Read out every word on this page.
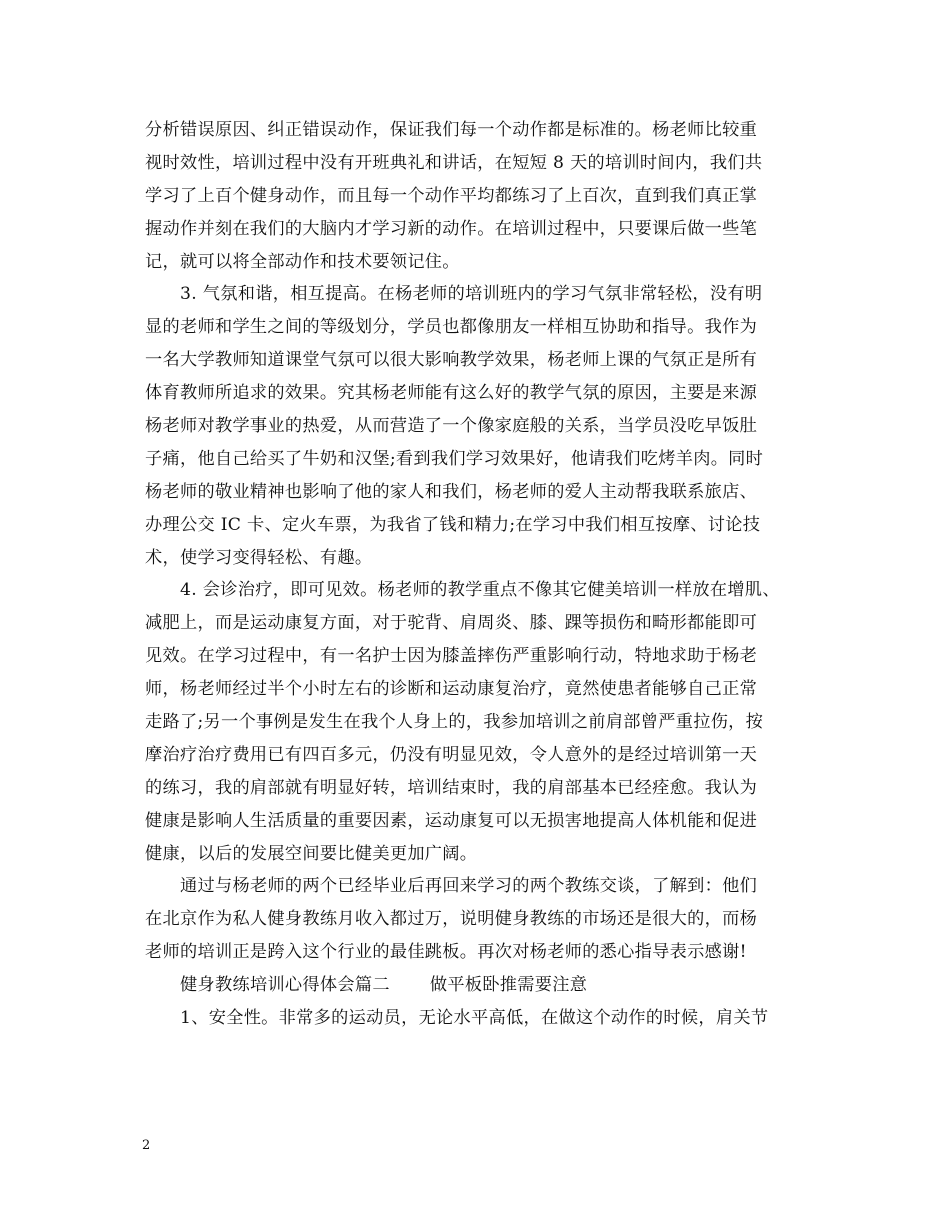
分析错误原因、纠正错误动作，保证我们每一个动作都是标准的。杨老师比较重
视时效性，培训过程中没有开班典礼和讲话，在短短 8 天的培训时间内，我们共
学习了上百个健身动作，而且每一个动作平均都练习了上百次，直到我们真正掌
握动作并刻在我们的大脑内才学习新的动作。在培训过程中，只要课后做一些笔
记，就可以将全部动作和技术要领记住。
3. 气氛和谐，相互提高。在杨老师的培训班内的学习气氛非常轻松，没有明
显的老师和学生之间的等级划分，学员也都像朋友一样相互协助和指导。我作为
一名大学教师知道课堂气氛可以很大影响教学效果，杨老师上课的气氛正是所有
体育教师所追求的效果。究其杨老师能有这么好的教学气氛的原因，主要是来源
杨老师对教学事业的热爱，从而营造了一个像家庭般的关系，当学员没吃早饭肚
子痛，他自己给买了牛奶和汉堡;看到我们学习效果好，他请我们吃烤羊肉。同时
杨老师的敬业精神也影响了他的家人和我们，杨老师的爱人主动帮我联系旅店、
办理公交 IC 卡、定火车票，为我省了钱和精力;在学习中我们相互按摩、讨论技
术，使学习变得轻松、有趣。
4. 会诊治疗，即可见效。杨老师的教学重点不像其它健美培训一样放在增肌、
减肥上，而是运动康复方面，对于驼背、肩周炎、膝、踝等损伤和畸形都能即可
见效。在学习过程中，有一名护士因为膝盖摔伤严重影响行动，特地求助于杨老
师，杨老师经过半个小时左右的诊断和运动康复治疗，竟然使患者能够自己正常
走路了;另一个事例是发生在我个人身上的，我参加培训之前肩部曾严重拉伤，按
摩治疗治疗费用已有四百多元，仍没有明显见效，令人意外的是经过培训第一天
的练习，我的肩部就有明显好转，培训结束时，我的肩部基本已经痊愈。我认为
健康是影响人生活质量的重要因素，运动康复可以无损害地提高人体机能和促进
健康，以后的发展空间要比健美更加广阔。
通过与杨老师的两个已经毕业后再回来学习的两个教练交谈，了解到：他们
在北京作为私人健身教练月收入都过万，说明健身教练的市场还是很大的，而杨
老师的培训正是跨入这个行业的最佳跳板。再次对杨老师的悉心指导表示感谢!
健身教练培训心得体会篇二 做平板卧推需要注意
1、安全性。非常多的运动员，无论水平高低，在做这个动作的时候，肩关节
2
